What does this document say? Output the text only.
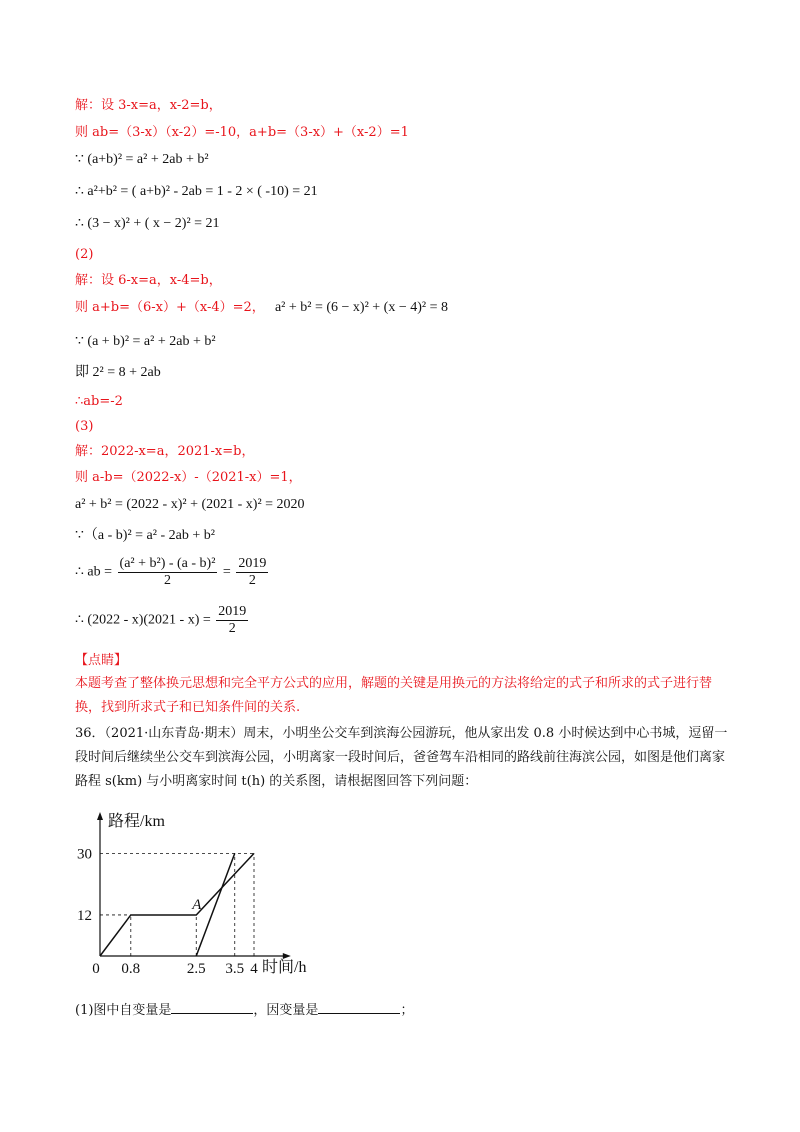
解：设 3-x=a，x-2=b，
则 ab=（3-x）（x-2）=-10，a+b=（3-x）+（x-2）=1
∵ (a+b)² = a² + 2ab + b²
∴ a²+b² = ( a+b)² - 2ab = 1 - 2 × ( -10) = 21
∴ (3 − x)² + ( x − 2)² = 21
(2)
解：设 6-x=a，x-4=b，
则 a+b=（6-x）+（x-4）=2， a² + b² = (6 − x)² + (x − 4)² = 8
∵ (a + b)² = a² + 2ab + b²
即 2² = 8 + 2ab
∴ab=-2
(3)
解：2022-x=a，2021-x=b，
则 a-b=（2022-x）-（2021-x）=1，
a² + b² = (2022 - x)² + (2021 - x)² = 2020
∵（a - b)² = a² - 2ab + b²
∴ ab = $\frac{\text{(a² + b²) - (a - b)²}}{2} = \frac{2019}{2}$
∴ $(2022 - x)(2021 - x) = \frac{2019}{2}$
【点睛】
本题考查了整体换元思想和完全平方公式的应用，解题的关键是用换元的方法将给定的式子和所求的式子进行替换，找到所求式子和已知条件间的关系.
36．（2021·山东青岛·期末）周末，小明坐公交车到滨海公园游玩，他从家出发 0.8 小时候达到中心书城，逗留一段时间后继续坐公交车到滨海公园，小明离家一段时间后，爸爸驾车沿相同的路线前往海滨公园，如图是他们离家路程 s(km) 与小明离家时间 t(h) 的关系图，请根据图回答下列问题：
路程/km
时间/h
0
12
30
0.8	2.5 3.5 4
A
(1)图中自变量是	，因变量是	；
